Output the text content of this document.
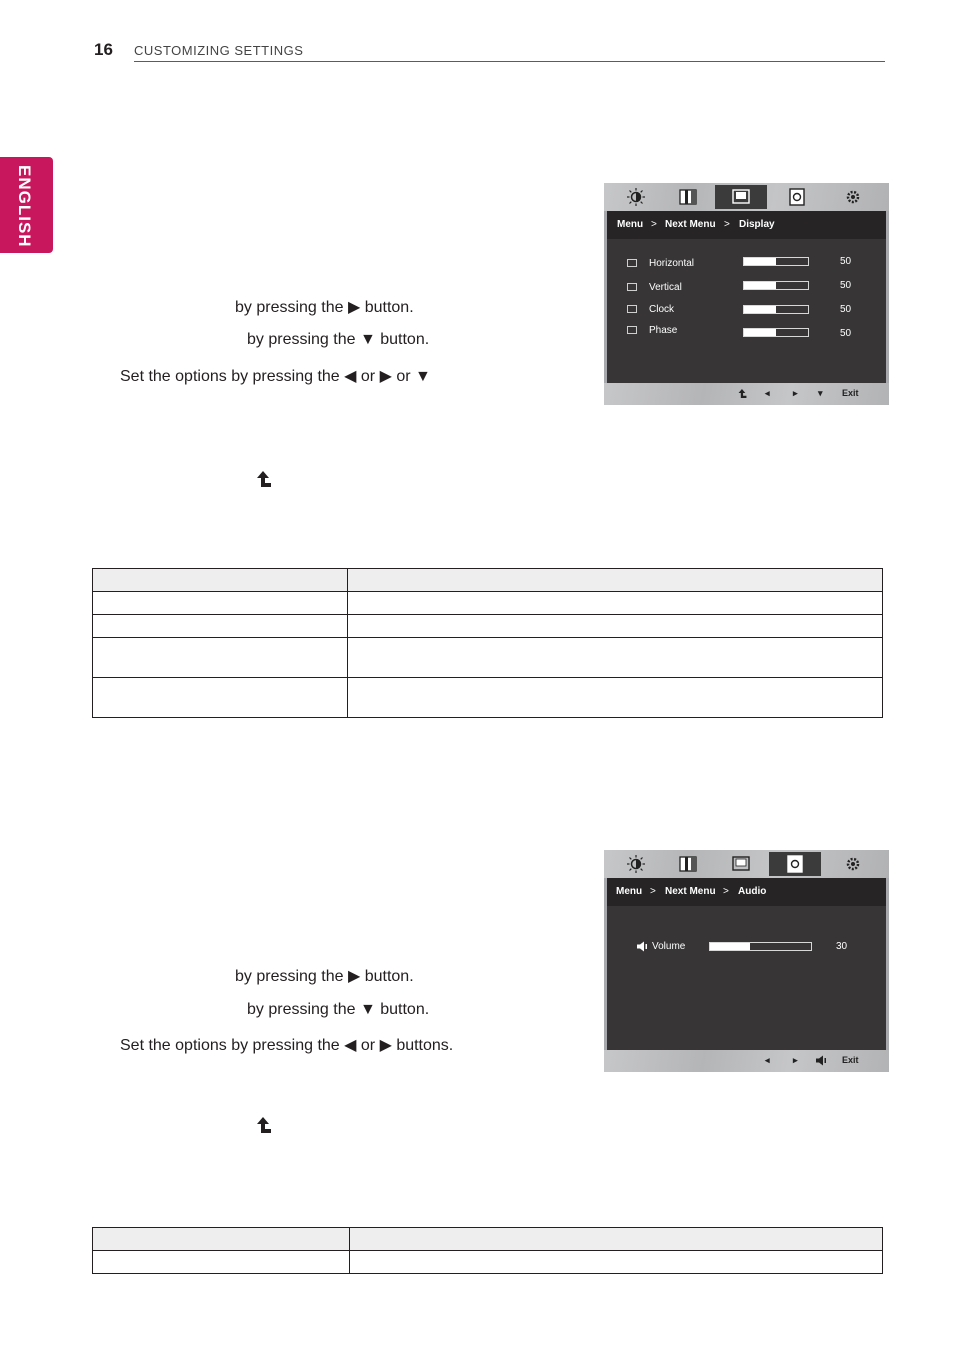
16 CUSTOMIZING SETTINGS
ENGLISH
by pressing the ▶ button.
by pressing the ▼ button.
Set the options by pressing the ◀ or ▶ or ▼
Menu > Next Menu > Display
Horizontal	50
Vertical	50
Clock	50
Phase	50
◂	▸ ▾ Exit

by pressing the ▶ button.
by pressing the ▼ button.
Set the options by pressing the ◀ or ▶ buttons.
Menu > Next Menu > Audio
Volume	30
◂	▸	Exit
